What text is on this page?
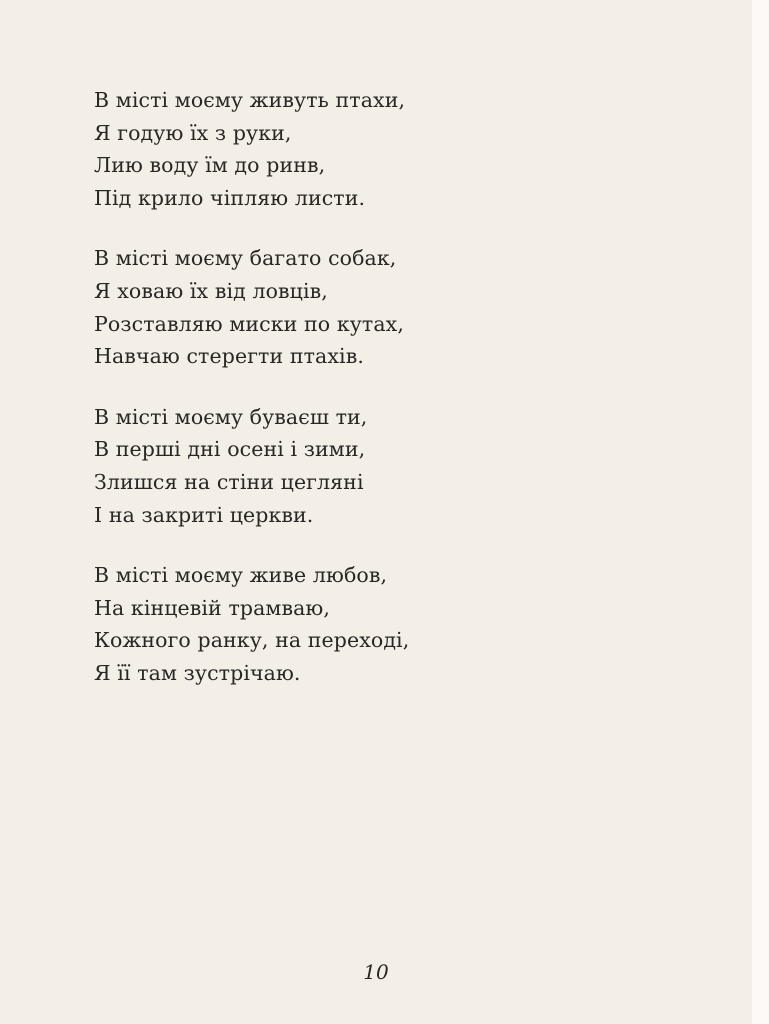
В місті моєму живуть птахи,
Я годую їх з руки,
Лию воду їм до ринв,
Під крило чіпляю листи.
В місті моєму багато собак,
Я ховаю їх від ловців,
Розставляю миски по кутах,
Навчаю стерегти птахів.
В місті моєму буваєш ти,
В перші дні осені і зими,
Злишся на стіни цегляні
І на закриті церкви.
В місті моєму живе любов,
На кінцевій трамваю,
Кожного ранку, на переході,
Я її там зустрічаю.
10
